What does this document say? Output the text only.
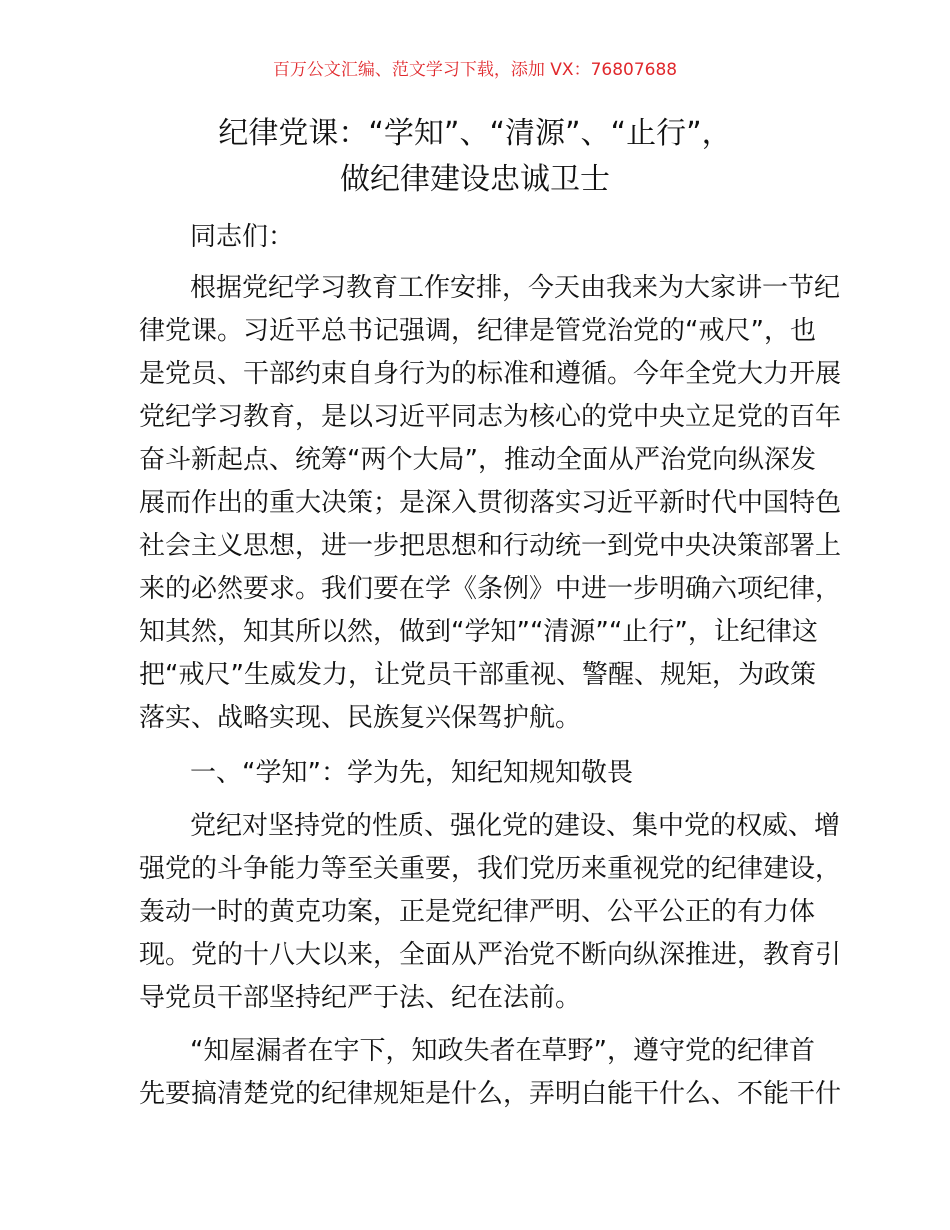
百万公文汇编、范文学习下载，添加 VX：76807688
纪律党课：“学知”、“清源”、“止行”，
做纪律建设忠诚卫士
同志们：
根据党纪学习教育工作安排，今天由我来为大家讲一节纪
律党课。习近平总书记强调，纪律是管党治党的“戒尺”，也
是党员、干部约束自身行为的标准和遵循。今年全党大力开展
党纪学习教育，是以习近平同志为核心的党中央立足党的百年
奋斗新起点、统筹“两个大局”，推动全面从严治党向纵深发
展而作出的重大决策；是深入贯彻落实习近平新时代中国特色
社会主义思想，进一步把思想和行动统一到党中央决策部署上
来的必然要求。我们要在学《条例》中进一步明确六项纪律，
知其然，知其所以然，做到“学知”“清源”“止行”，让纪律这
把“戒尺”生威发力，让党员干部重视、警醒、规矩，为政策
落实、战略实现、民族复兴保驾护航。
一、“学知”：学为先，知纪知规知敬畏
党纪对坚持党的性质、强化党的建设、集中党的权威、增
强党的斗争能力等至关重要，我们党历来重视党的纪律建设，
轰动一时的黄克功案，正是党纪律严明、公平公正的有力体
现。党的十八大以来，全面从严治党不断向纵深推进，教育引
导党员干部坚持纪严于法、纪在法前。
“知屋漏者在宇下，知政失者在草野”，遵守党的纪律首
先要搞清楚党的纪律规矩是什么，弄明白能干什么、不能干什
